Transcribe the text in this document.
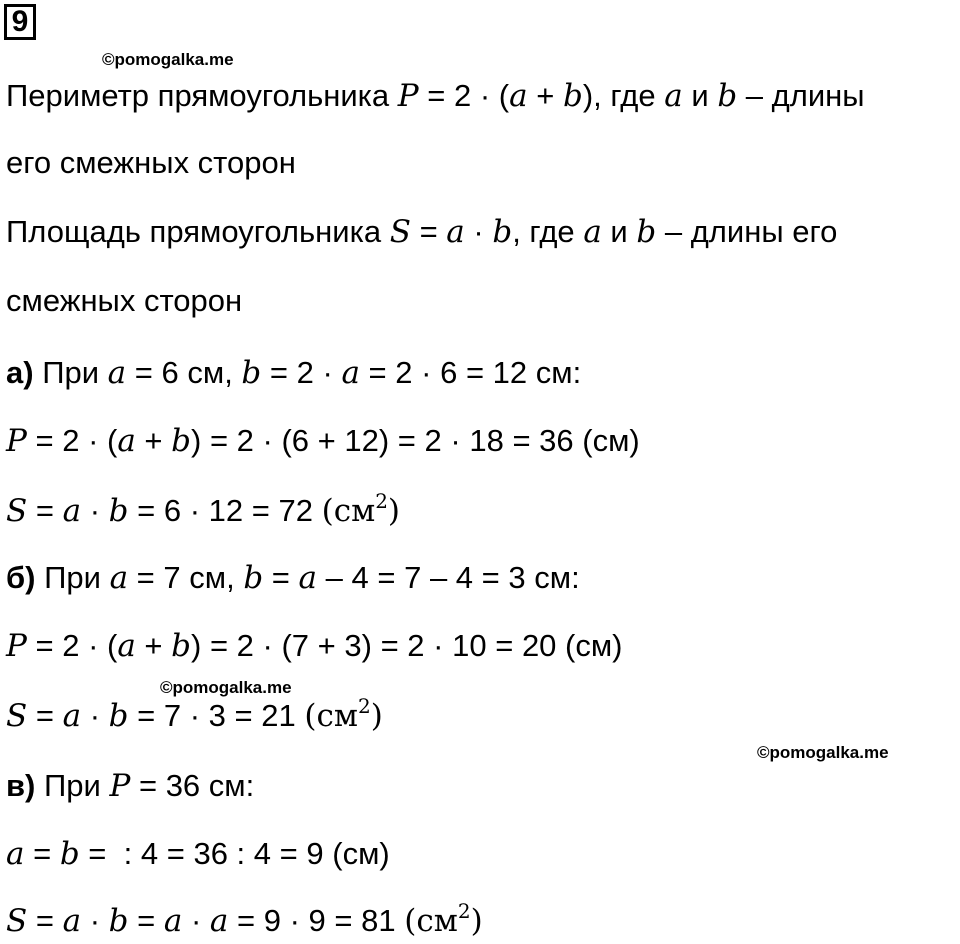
9
©pomogalka.me
Периметр прямоугольника P = 2 · (a + b), где a и b – длины
его смежных сторон
Площадь прямоугольника S = a · b, где a и b – длины его
смежных сторон
а) При a = 6 см, b = 2 · a = 2 · 6 = 12 см:
P = 2 · (a + b) = 2 · (6 + 12) = 2 · 18 = 36 (см)
S = a · b = 6 · 12 = 72 $(см^2)$
б) При a = 7 см, b = a – 4 = 7 – 4 = 3 см:
P = 2 · (a + b) = 2 · (7 + 3) = 2 · 10 = 20 (см)
©pomogalka.me
S = a · b = 7 · 3 = 21 $(см^2)$
©pomogalka.me
в) При P = 36 см:
a = b =  : 4 = 36 : 4 = 9 (см)
S = a · b = a · a = 9 · 9 = 81 $(см^2)$
